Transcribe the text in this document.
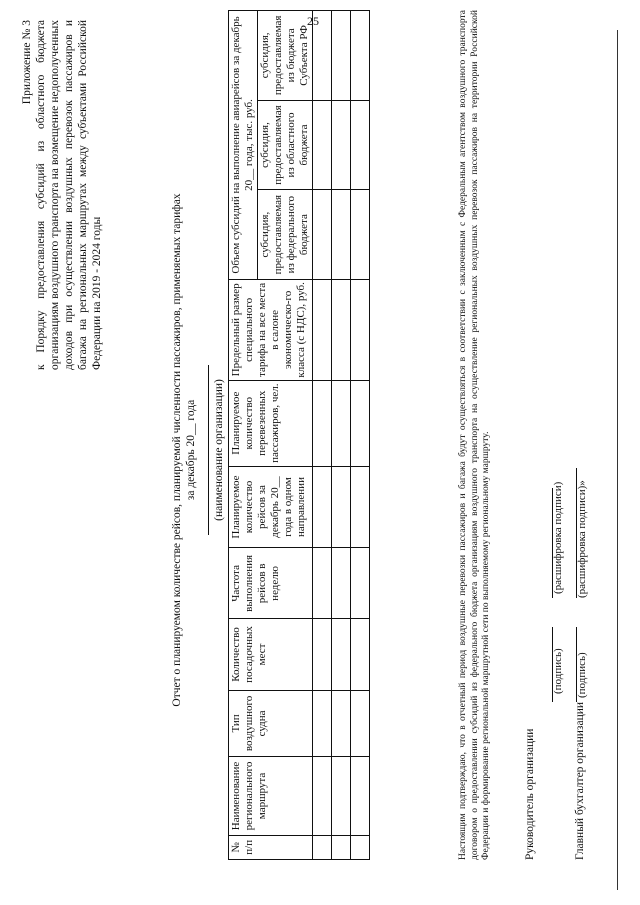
25

Приложение № 3 к Порядку предоставления субсидий из областного бюджета организациям воздушного транспорта на возмещение недополученных доходов при осуществлении воздушных перевозок пассажиров и багажа на региональных маршрутах между субъектами Российской Федерации на 2019 - 2024 годы	Отчет о планируемом количестве рейсов, планируемой численности пассажиров, применяемых тарифах за декабрь 20__ года (наименование организации)
№ п/п	Наименование регионального маршрута	Тип воздушного судна	Количество посадочных мест	Частота выполнения рейсов в неделю	Планируемое количество рейсов за декабрь 20__ года в одном направлении	Планируемое количество перевезенных пассажиров, чел.	Предельный размер специального тарифа на все места в салоне экономическо-го класса (с НДС), руб.	Объем субсидий на выполнение авиарейсов за декабрь 20__ года, тыс. руб.		
								субсидия, предоставляемая из федерального бюджета	субсидия, предоставляемая из областного бюджета	субсидия, предоставляемая из бюджета Субъекта РФ

											Настоящим подтверждаю, что в отчетный период воздушные перевозки пассажиров и багажа будут осуществляться в соответствии с заключенным с Федеральным агентством воздушного транспорта договором о предоставлении субсидий из федерального бюджета организациям воздушного транспорта на осуществление региональных воздушных перевозок пассажиров на территории Российской Федерации и формирование региональной маршрутной сети по выполняемому региональному маршруту.	Руководитель организации
(подпись)
(расшифровка подписи)
Главный бухгалтер организации
(подпись)
(расшифровка подписи)»
